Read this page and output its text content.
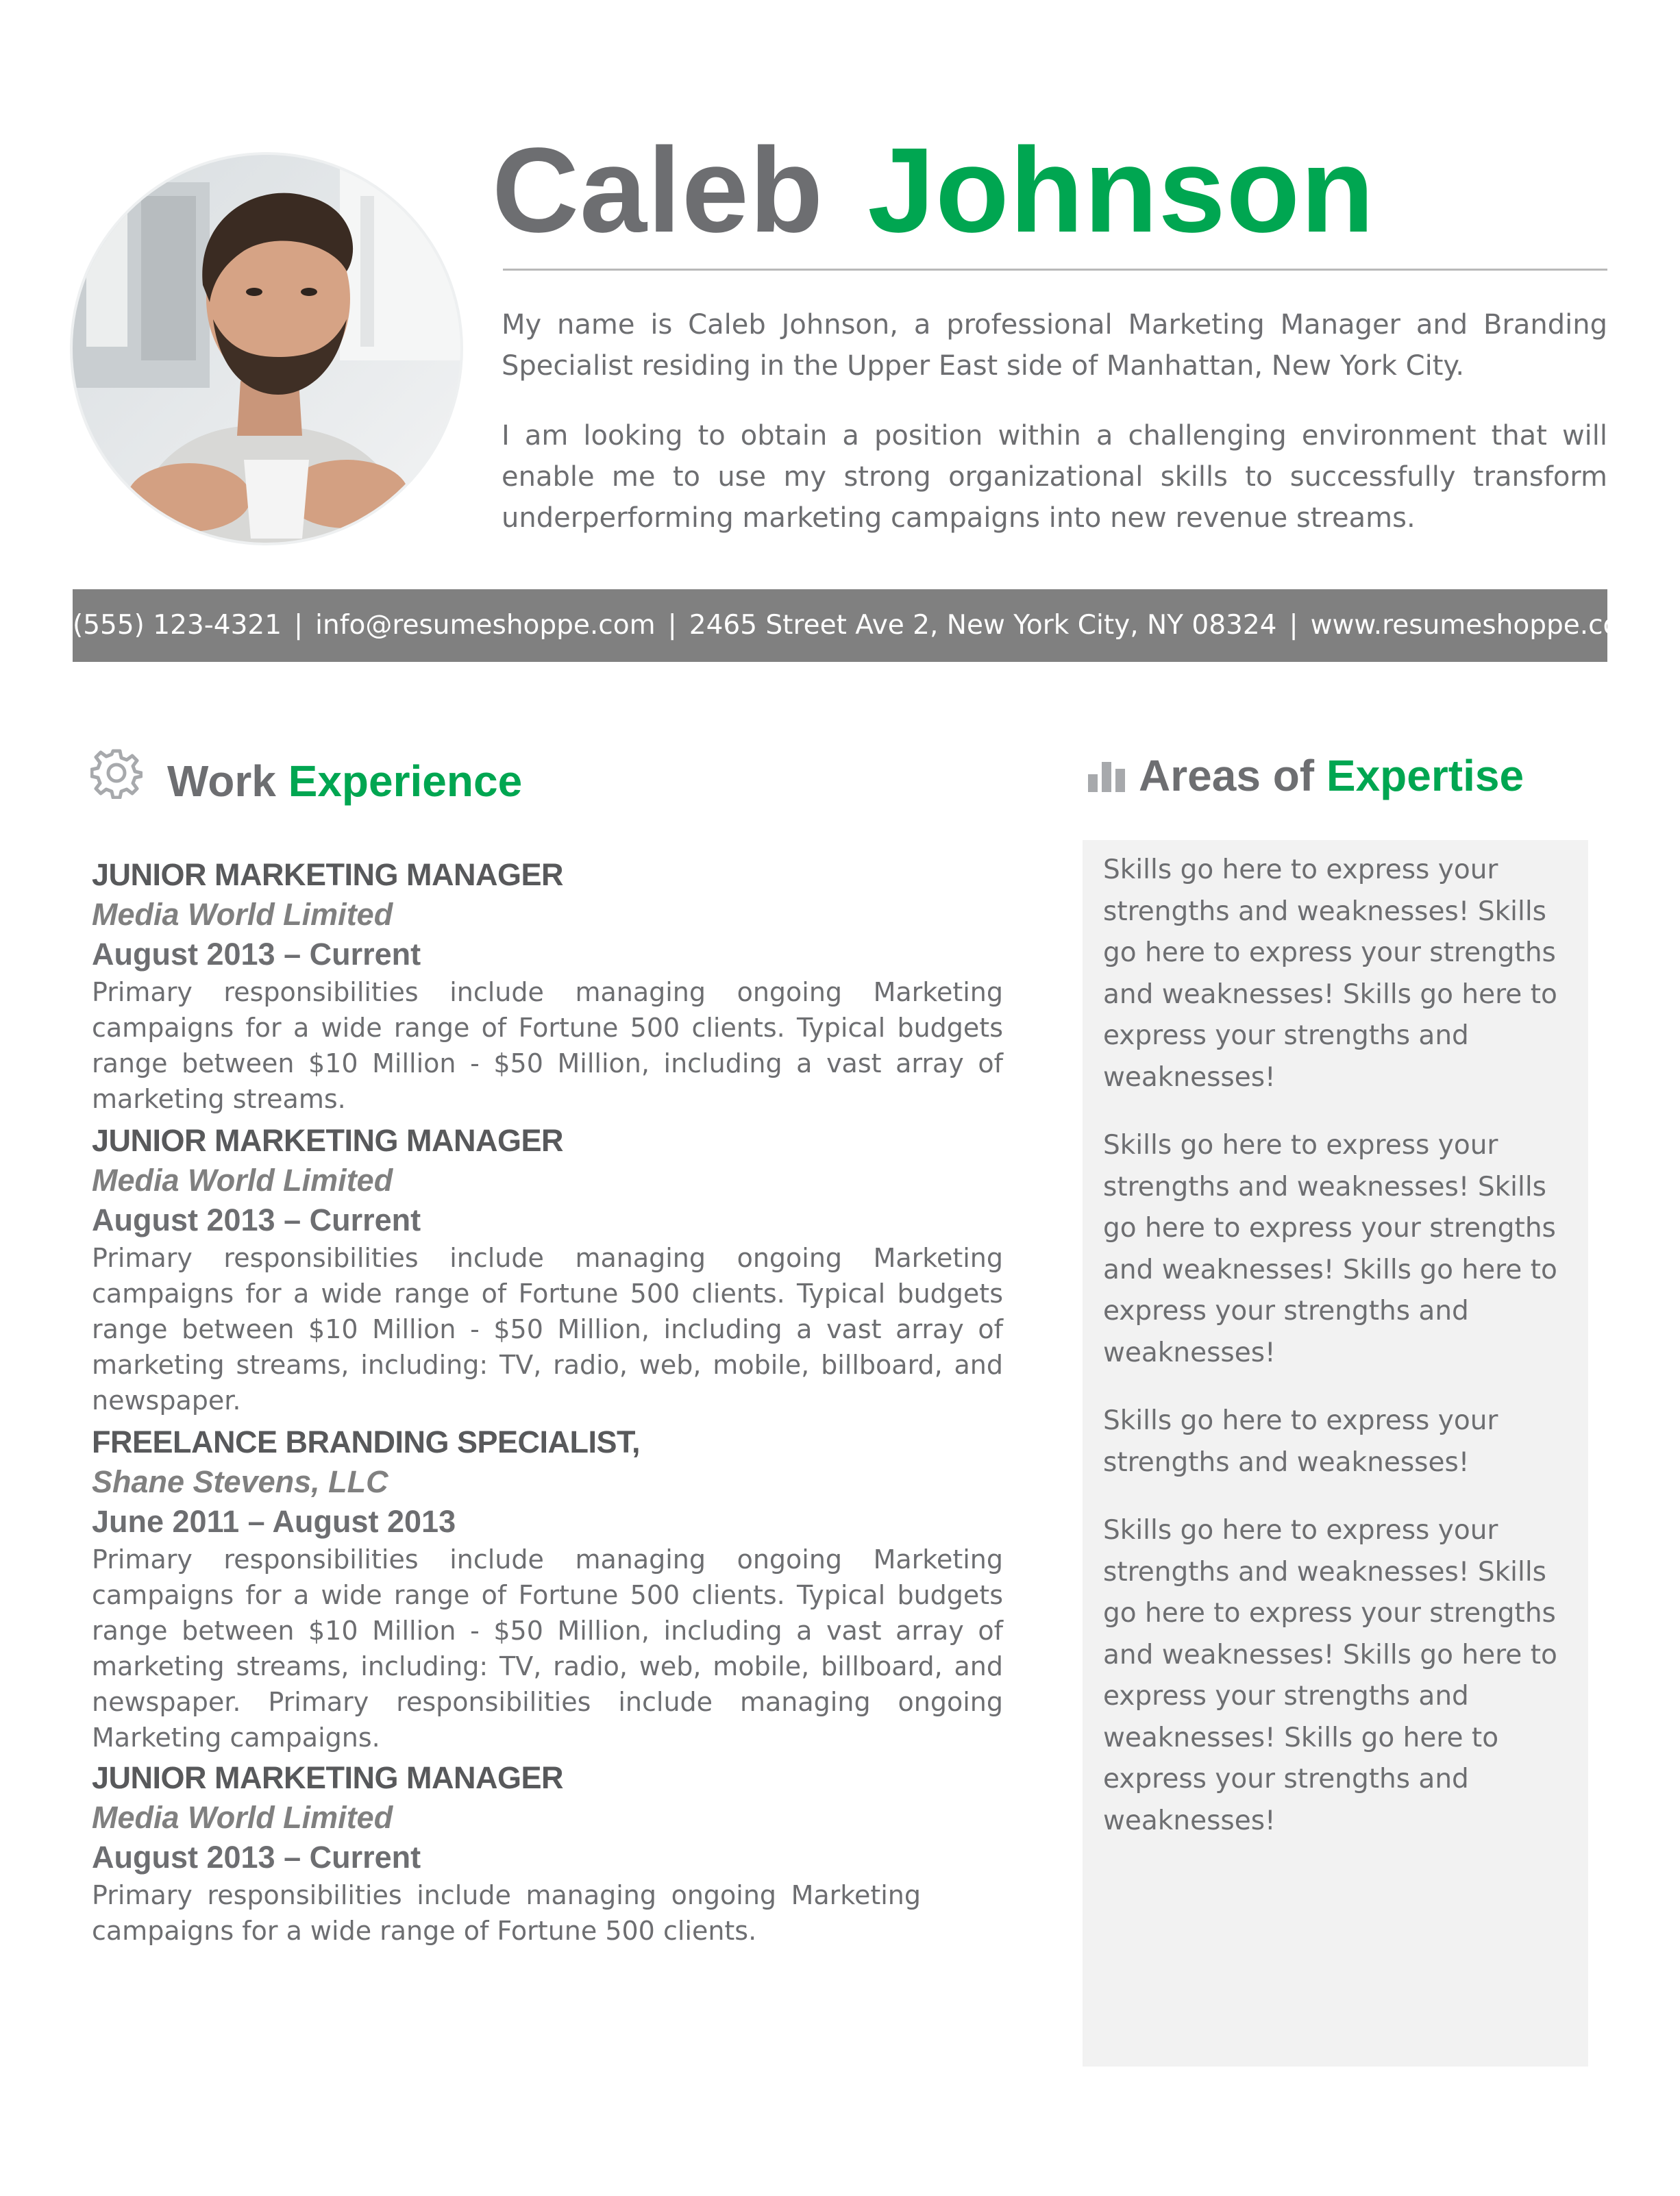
Caleb Johnson

My name is Caleb Johnson, a professional Marketing Manager and Branding Specialist residing in the Upper East side of Manhattan, New York City.

I am looking to obtain a position within a challenging environment that will enable me to use my strong organizational skills to successfully transform underperforming marketing campaigns into new revenue streams.

(555) 123-4321 | info@resumeshoppe.com | 2465 Street Ave 2, New York City, NY 08324 | www.resumeshoppe.com
Work Experience
JUNIOR MARKETING MANAGER
Media World Limited
August 2013 – Current
Primary responsibilities include managing ongoing Marketing campaigns for a wide range of Fortune 500 clients. Typical budgets range between $10 Million - $50 Million, including a vast array of marketing streams.
JUNIOR MARKETING MANAGER
Media World Limited
August 2013 – Current
Primary responsibilities include managing ongoing Marketing campaigns for a wide range of Fortune 500 clients. Typical budgets range between $10 Million - $50 Million, including a vast array of marketing streams, including: TV, radio, web, mobile, billboard, and newspaper.
FREELANCE BRANDING SPECIALIST,
Shane Stevens, LLC
June 2011 – August 2013
Primary responsibilities include managing ongoing Marketing campaigns for a wide range of Fortune 500 clients. Typical budgets range between $10 Million - $50 Million, including a vast array of marketing streams, including: TV, radio, web, mobile, billboard, and newspaper. Primary responsibilities include managing ongoing Marketing campaigns.
JUNIOR MARKETING MANAGER
Media World Limited
August 2013 – Current
Primary responsibilities include managing ongoing Marketing campaigns for a wide range of Fortune 500 clients.
Areas of Expertise

Skills go here to express your strengths and weaknesses! Skills go here to express your strengths and weaknesses! Skills go here to express your strengths and weaknesses!

Skills go here to express your strengths and weaknesses! Skills go here to express your strengths and weaknesses! Skills go here to express your strengths and weaknesses!

Skills go here to express your strengths and weaknesses!

Skills go here to express your strengths and weaknesses! Skills go here to express your strengths and weaknesses! Skills go here to express your strengths and weaknesses! Skills go here to express your strengths and weaknesses!
